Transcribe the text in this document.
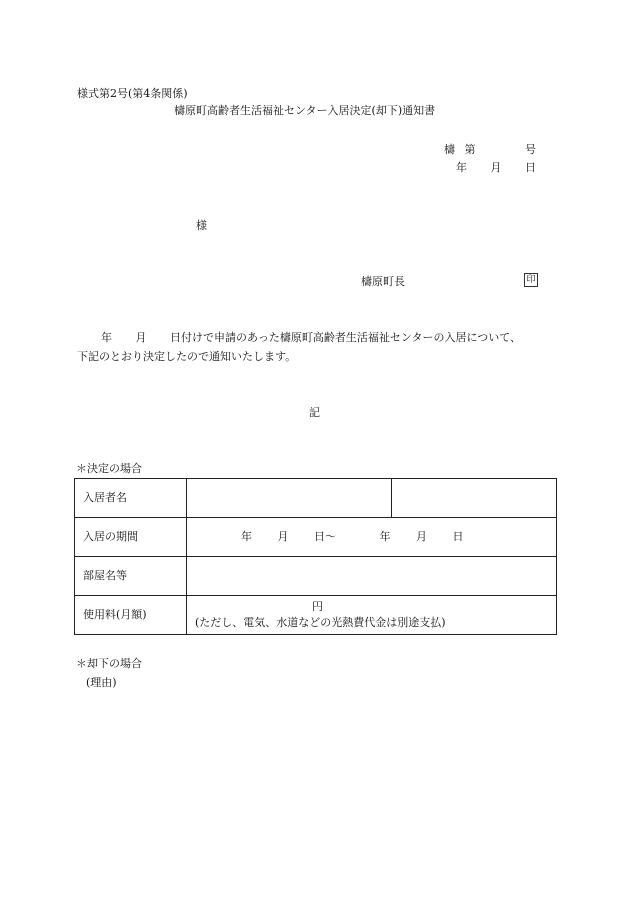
様式第2号(第4条関係)
檮原町高齢者生活福祉センター入居決定(却下)通知書
檮 第	号
年 月 日
様
檮原町長	印
年 月 日付けで申請のあった檮原町高齢者生活福祉センターの入居について、
下記のとおり決定したので通知いたします。
記
＊決定の場合
入居者名		
入居の期間	年 月 日～ 年 月 日	
部屋名等		
使用料(月額)	円
(ただし、電気、水道などの光熱費代金は別途支払)	
＊却下の場合
(理由)
